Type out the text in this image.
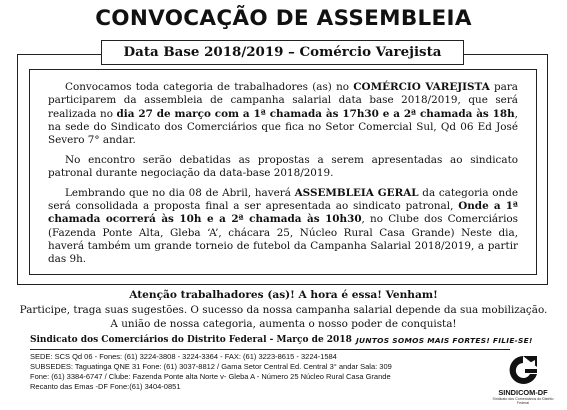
CONVOCAÇÃO DE ASSEMBLEIA
Data Base 2018/2019 – Comércio Varejista

Convocamos toda categoria de trabalhadores (as) no COMÉRCIO VAREJISTA para participarem da assembleia de campanha salarial data base 2018/2019, que será realizada no dia 27 de março com a 1ª chamada às 17h30 e a 2ª chamada às 18h, na sede do Sindicato dos Comerciários que fica no Setor Comercial Sul, Qd 06 Ed José Severo 7° andar.

No encontro serão debatidas as propostas a serem apresentadas ao sindicato patronal durante negociação da data-base 2018/2019.

Lembrando que no dia 08 de Abril, haverá ASSEMBLEIA GERAL da categoria onde será consolidada a proposta final a ser apresentada ao sindicato patronal, Onde a 1ª chamada ocorrerá às 10h e a 2ª chamada às 10h30, no Clube dos Comerciários (Fazenda Ponte Alta, Gleba ‘A’, chácara 25, Núcleo Rural Casa Grande) Neste dia, haverá também um grande torneio de futebol da Campanha Salarial 2018/2019, a partir das 9h.

Atenção trabalhadores (as)! A hora é essa! Venham!
Participe, traga suas sugestões. O sucesso da nossa campanha salarial depende da sua mobilização.
A união de nossa categoria, aumenta o nosso poder de conquista!
Sindicato dos Comerciários do Distrito Federal - Março de 2018 JUNTOS SOMOS MAIS FORTES! FILIE-SE!
SEDE: SCS Qd 06 - Fones: (61) 3224-3808 - 3224-3364 - FAX: (61) 3223-8615 - 3224-1584
SUBSEDES: Taguatinga QNE 31 Fone: (61) 3037-8812 / Gama Setor Central Ed. Central 3° andar Sala: 309
Fone: (61) 3384-6747 / Clube: Fazenda Ponte alta Norte v- Gleba A - Número 25 Núcleo Rural Casa Grande
Recanto das Emas -DF Fone:(61) 3404-0851
SINDICOM-DF
Sindicato dos Comerciários do Distrito Federal
